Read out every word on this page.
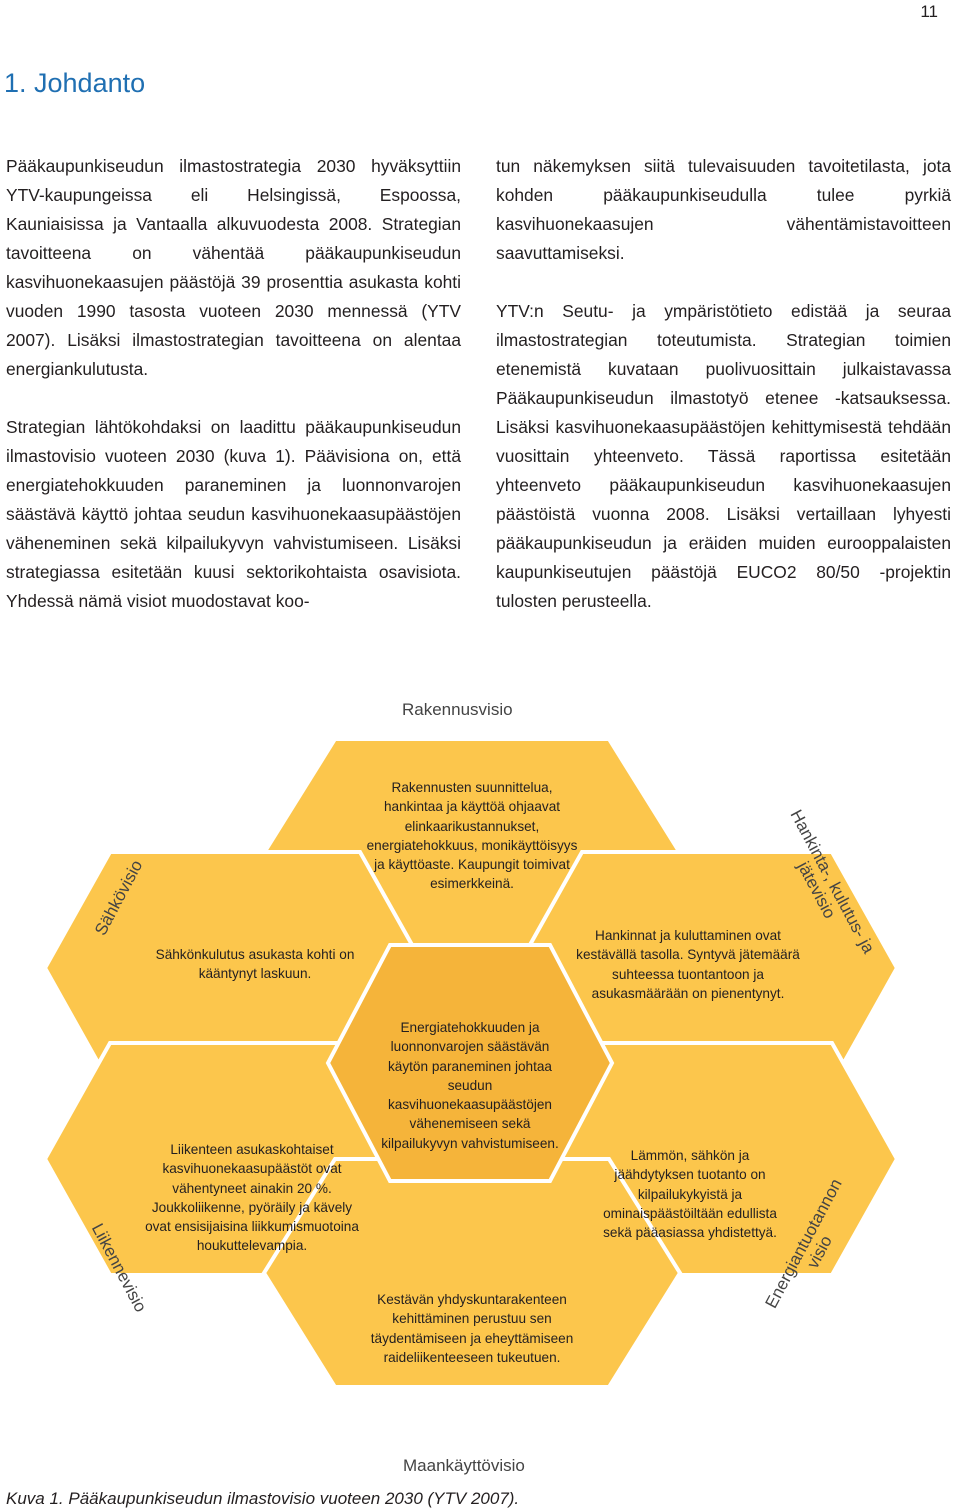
11
1. Johdanto

Pääkaupunkiseudun ilmastostrategia 2030 hyväksyttiin YTV-kaupungeissa eli Helsingissä, Espoossa, Kauniaisissa ja Vantaalla alkuvuodesta 2008. Strategian tavoitteena on vähentää pääkaupunkiseudun kasvihuonekaasujen päästöjä 39 prosenttia asukasta kohti vuoden 1990 tasosta vuoteen 2030 mennessä (YTV 2007). Lisäksi ilmastostrategian tavoitteena on alentaa energiankulutusta.

Strategian lähtökohdaksi on laadittu pääkaupunkiseudun ilmastovisio vuoteen 2030 (kuva 1). Päävisiona on, että energiatehokkuuden paraneminen ja luonnonvarojen säästävä käyttö johtaa seudun kasvihuonekaasupäästöjen väheneminen sekä kilpailukyvyn vahvistumiseen. Lisäksi strategiassa esitetään kuusi sektorikohtaista osavisiota. Yhdessä nämä visiot muodostavat koo-

tun näkemyksen siitä tulevaisuuden tavoitetilasta, jota kohden pääkaupunkiseudulla tulee pyrkiä kasvihuonekaasujen vähentämistavoitteen saavuttamiseksi.

YTV:n Seutu- ja ympäristötieto edistää ja seuraa ilmastostrategian toteutumista. Strategian toimien etenemistä kuvataan puolivuosittain julkaistavassa Pääkaupunkiseudun ilmastotyö etenee -katsauksessa. Lisäksi kasvihuonekaasupäästöjen kehittymisestä tehdään vuosittain yhteenveto. Tässä raportissa esitetään yhteenveto pääkaupunkiseudun kasvihuonekaasujen päästöistä vuonna 2008. Lisäksi vertaillaan lyhyesti pääkaupunkiseudun ja eräiden muiden eurooppalaisten kaupunkiseutujen päästöjä EUCO2 80/50 -projektin tulosten perusteella.

Rakennusvisio
Sähkövisio	Hankinta-, kulutus- ja jätevisio
Liikennevisio	Energiantuotannon visio
Maankäyttövisio
Rakennusten suunnittelua, hankintaa ja käyttöä ohjaavat elinkaarikustannukset, energiatehokkuus, monikäyttöisyys ja käyttöaste. Kaupungit toimivat esimerkkeinä.
Sähkönkulutus asukasta kohti on kääntynyt laskuun.
Hankinnat ja kuluttaminen ovat kestävällä tasolla. Syntyvä jätemäärä suhteessa tuontantoon ja asukasmäärään on pienentynyt.
Energiatehokkuuden ja luonnonvarojen säästävän käytön paraneminen johtaa seudun kasvihuonekaasupäästöjen vähenemiseen sekä kilpailukyvyn vahvistumiseen.
Liikenteen asukaskohtaiset kasvihuonekaasupäästöt ovat vähentyneet ainakin 20 %. Joukkoliikenne, pyöräily ja kävely ovat ensisijaisina liikkumismuotoina houkuttelevampia.
Lämmön, sähkön ja jäähdytyksen tuotanto on kilpailukykyistä ja ominaispäästöiltään edullista sekä pääasiassa yhdistettyä.
Kestävän yhdyskuntarakenteen kehittäminen perustuu sen täydentämiseen ja eheyttämiseen raideliikenteeseen tukeutuen.
Kuva 1. Pääkaupunkiseudun ilmastovisio vuoteen 2030 (YTV 2007).
